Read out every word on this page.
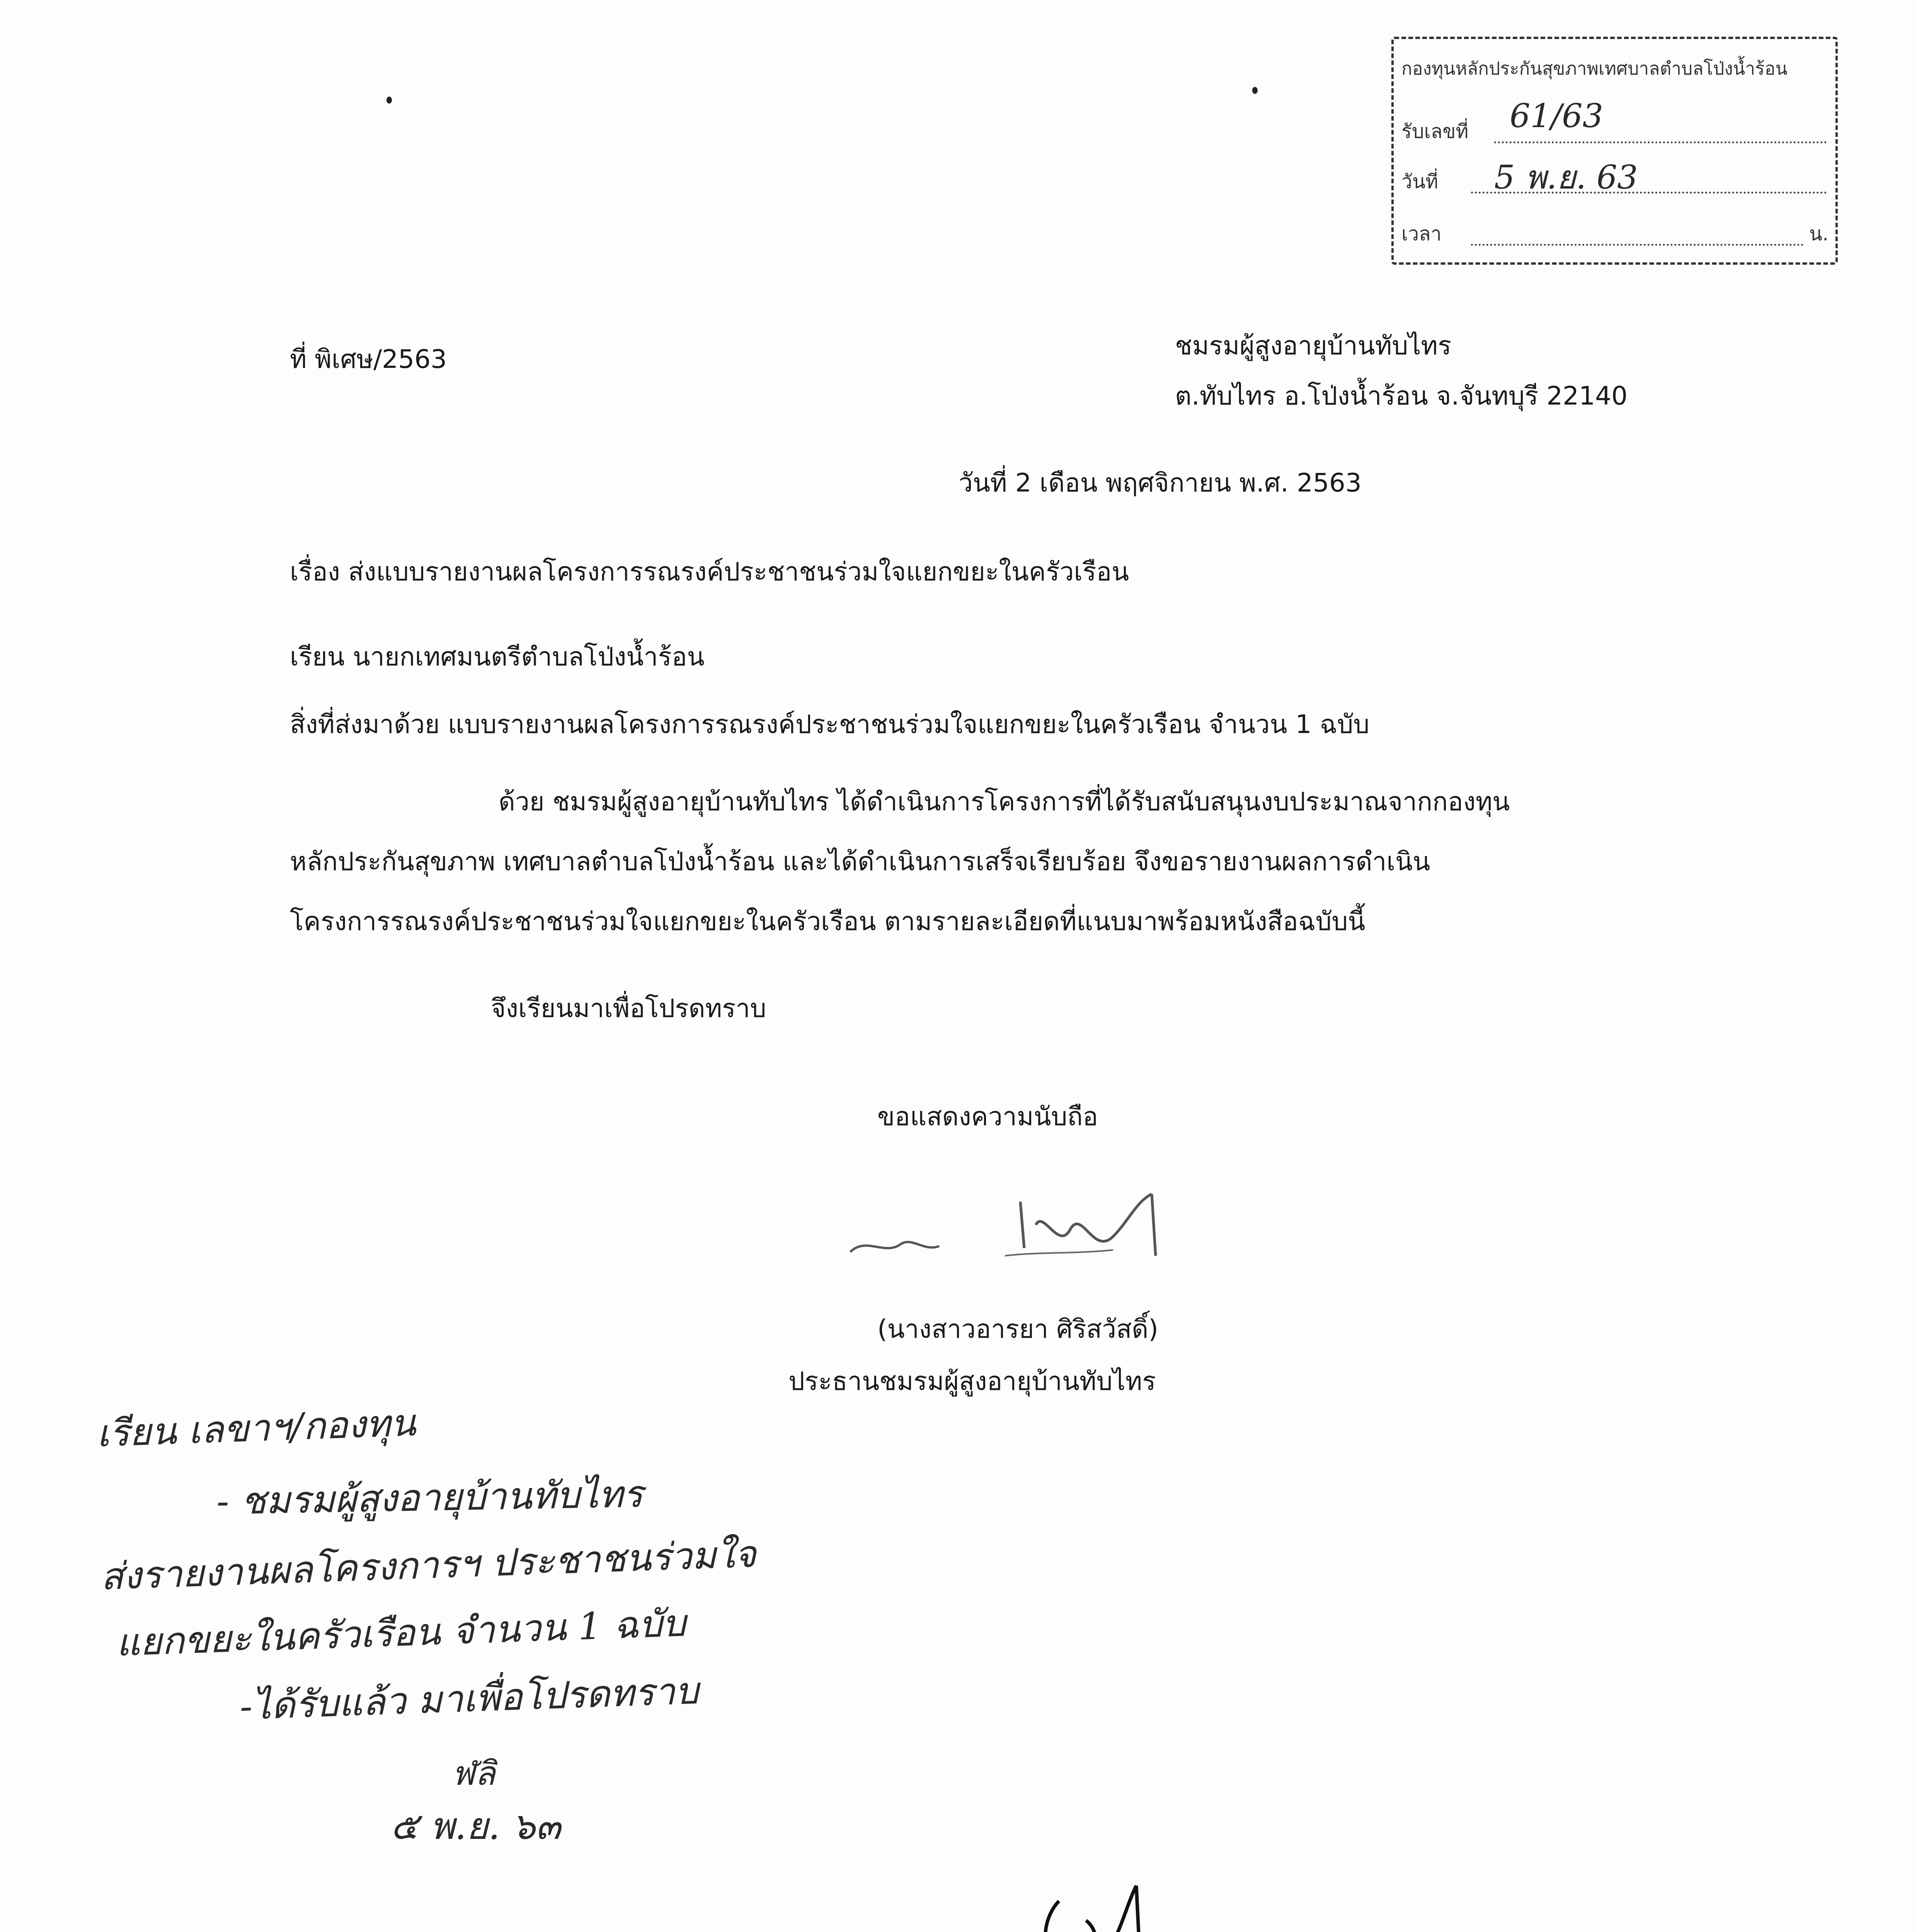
กองทุนหลักประกันสุขภาพเทศบาลตำบลโป่งน้ำร้อน
รับเลขที่ 61/63
วันที่ 5 พ.ย. 63
เวลา	น.
ที่ พิเศษ/2563	ชมรมผู้สูงอายุบ้านทับไทร
ต.ทับไทร อ.โป่งน้ำร้อน จ.จันทบุรี 22140
วันที่ 2 เดือน พฤศจิกายน พ.ศ. 2563
เรื่อง ส่งแบบรายงานผลโครงการรณรงค์ประชาชนร่วมใจแยกขยะในครัวเรือน
เรียน นายกเทศมนตรีตำบลโป่งน้ำร้อน
สิ่งที่ส่งมาด้วย แบบรายงานผลโครงการรณรงค์ประชาชนร่วมใจแยกขยะในครัวเรือน จำนวน 1 ฉบับ
ด้วย ชมรมผู้สูงอายุบ้านทับไทร ได้ดำเนินการโครงการที่ได้รับสนับสนุนงบประมาณจากกองทุน
หลักประกันสุขภาพ เทศบาลตำบลโป่งน้ำร้อน และได้ดำเนินการเสร็จเรียบร้อย จึงขอรายงานผลการดำเนิน
โครงการรณรงค์ประชาชนร่วมใจแยกขยะในครัวเรือน ตามรายละเอียดที่แนบมาพร้อมหนังสือฉบับนี้
จึงเรียนมาเพื่อโปรดทราบ
ขอแสดงความนับถือ
(นางสาวอารยา ศิริสวัสดิ์)
ประธานชมรมผู้สูงอายุบ้านทับไทร
เรียน เลขาฯ/กองทุน
- ชมรมผู้สูงอายุบ้านทับไทร
ส่งรายงานผลโครงการฯ ประชาชนร่วมใจ
แยกขยะในครัวเรือน จำนวน 1 ฉบับ
-ได้รับแล้ว มาเพื่อโปรดทราบ
ฬลิ
๕ พ.ย. ๖๓
